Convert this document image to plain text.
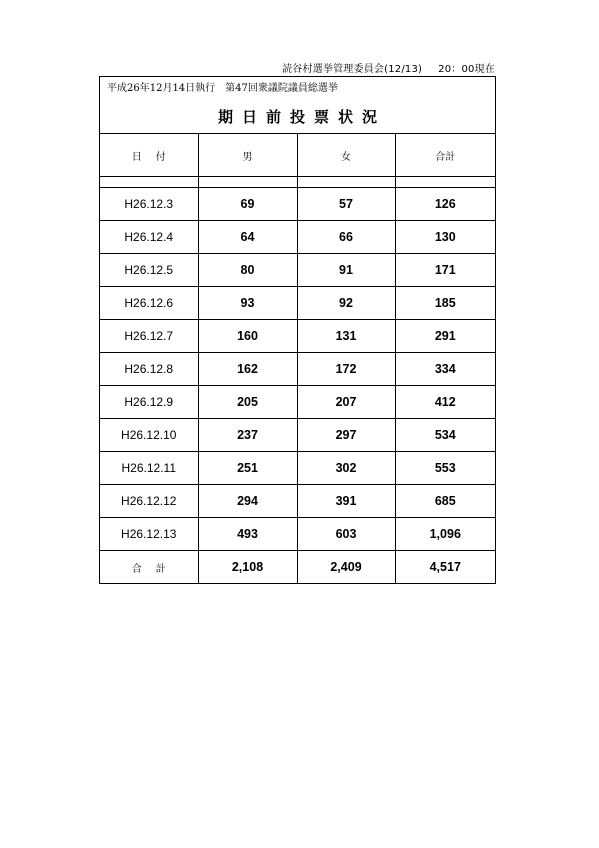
読谷村選挙管理委員会(12/13) 20：00現在
平成26年12月14日執行　第47回衆議院議員総選挙
期日前投票状況
日付	男	女	合計

H26.12.3	69	57	126
H26.12.4	64	66	130
H26.12.5	80	91	171
H26.12.6	93	92	185
H26.12.7	160	131	291
H26.12.8	162	172	334
H26.12.9	205	207	412
H26.12.10	237	297	534
H26.12.11	251	302	553
H26.12.12	294	391	685
H26.12.13	493	603	1,096
合計	2,108	2,409	4,517
